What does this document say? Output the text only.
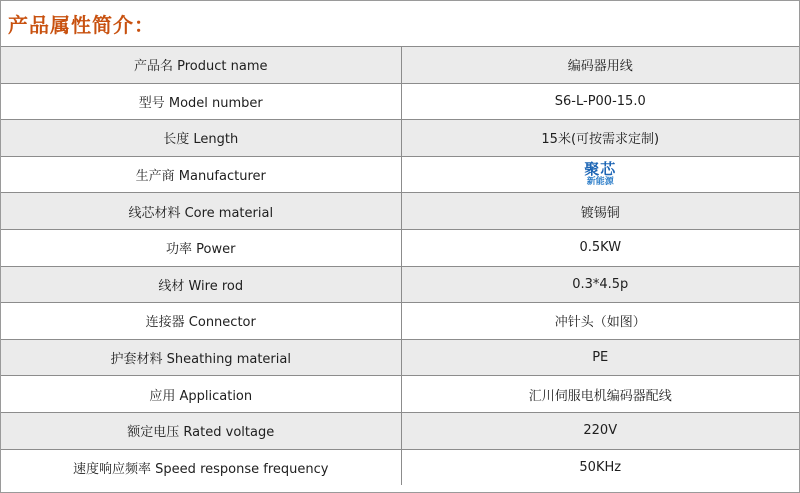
产品属性简介：
产品名 Product name	编码器用线
型号 Model number	S6-L-P00-15.0
长度 Length	15米(可按需求定制)
生产商 Manufacturer	聚芯
新能源

线芯材料 Core material	镀锡铜
功率 Power	0.5KW
线材 Wire rod	0.3*4.5p
连接器 Connector	冲针头（如图）
护套材料 Sheathing material	PE
应用 Application	汇川伺服电机编码器配线
额定电压 Rated voltage	220V
速度响应频率 Speed response frequency	50KHz
